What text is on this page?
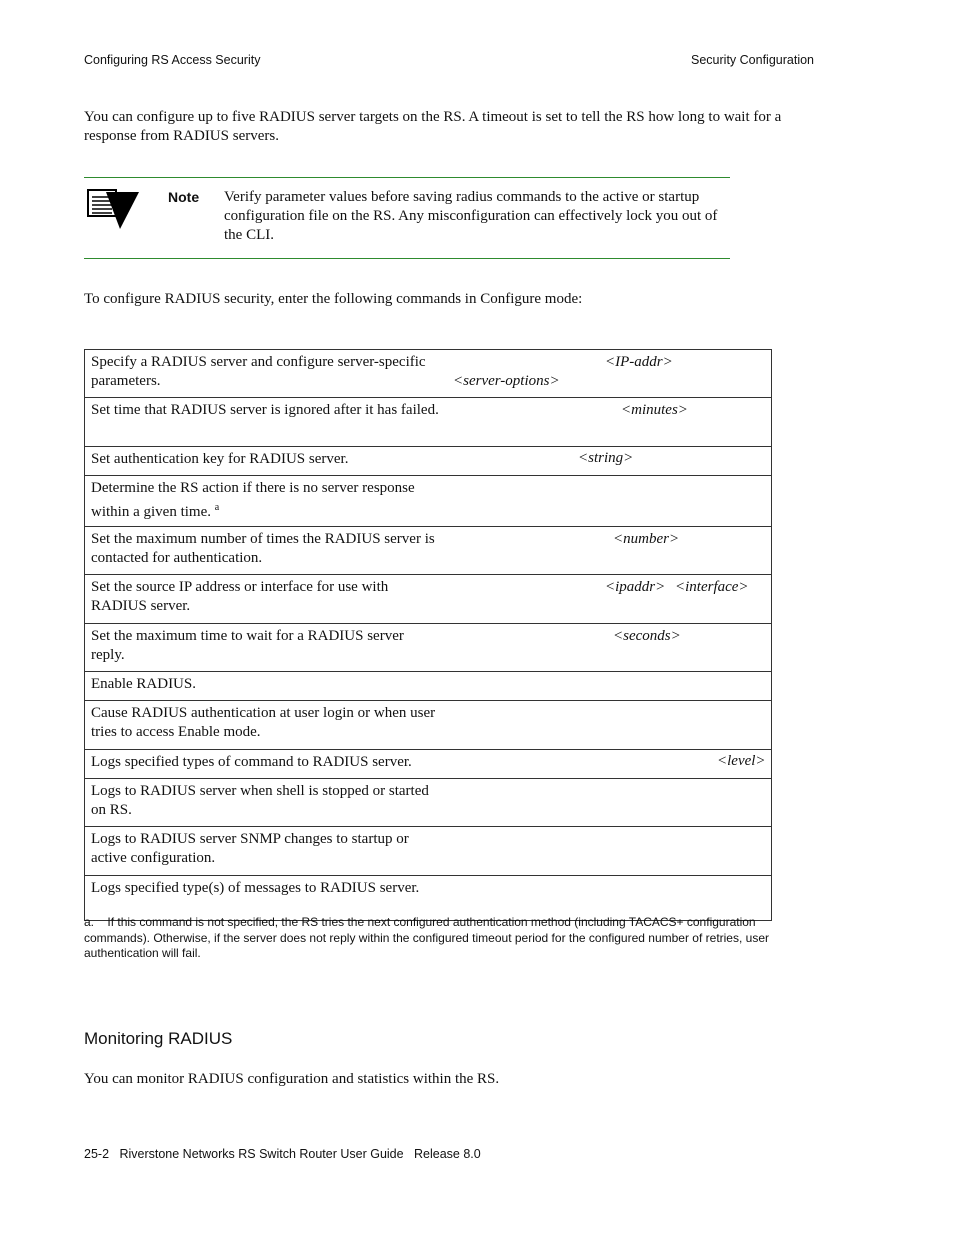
Configuring RS Access Security	Security Configuration
You can configure up to five RADIUS server targets on the RS. A timeout is set to tell the RS how long to wait for a response from RADIUS servers.
Note Verify parameter values before saving radius commands to the active or startup configuration file on the RS. Any misconfiguration can effectively lock you out of the CLI.
To configure RADIUS security, enter the following commands in Configure mode:
Specify a RADIUS server and configure server-specific parameters.	<IP-addr>
<server-options>

Set time that RADIUS server is ignored after it has failed.	<minutes>

Set authentication key for RADIUS server.	<string>

Determine the RS action if there is no server response within a given time. $^a$	
Set the maximum number of times the RADIUS server is contacted for authentication.	<number>

Set the source IP address or interface for use with RADIUS server.	<ipaddr> <interface>

Set the maximum time to wait for a RADIUS server reply.	<seconds>

Enable RADIUS.	
Cause RADIUS authentication at user login or when user tries to access Enable mode.	
Logs specified types of command to RADIUS server.	<level>

Logs to RADIUS server when shell is stopped or started on RS.	
Logs to RADIUS server SNMP changes to startup or active configuration.	
Logs specified type(s) of messages to RADIUS server.	
a. If this command is not specified, the RS tries the next configured authentication method (including TACACS+ configuration commands). Otherwise, if the server does not reply within the configured timeout period for the configured number of retries, user authentication will fail.
Monitoring RADIUS
You can monitor RADIUS configuration and statistics within the RS.
25-2 Riverstone Networks RS Switch Router User Guide Release 8.0
